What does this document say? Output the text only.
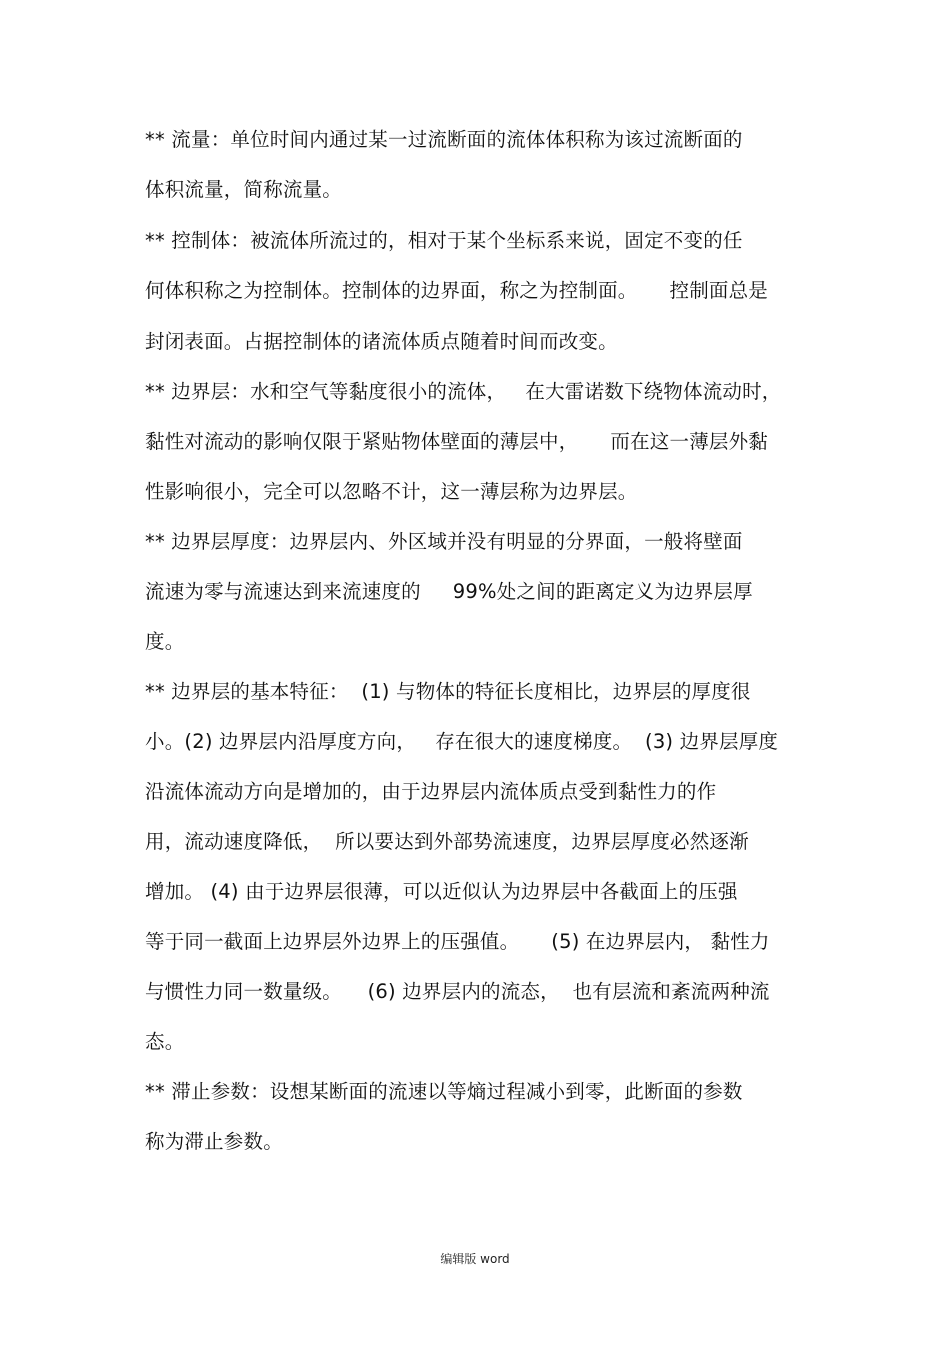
** 流量：单位时间内通过某一过流断面的流体体积称为该过流断面的
体积流量，简称流量。
** 控制体：被流体所流过的，相对于某个坐标系来说，固定不变的任
何体积称之为控制体。控制体的边界面，称之为控制面。     控制面总是
封闭表面。占据控制体的诸流体质点随着时间而改变。
** 边界层：水和空气等黏度很小的流体，   在大雷诺数下绕物体流动时，
黏性对流动的影响仅限于紧贴物体壁面的薄层中，     而在这一薄层外黏
性影响很小，完全可以忽略不计，这一薄层称为边界层。
** 边界层厚度：边界层内、外区域并没有明显的分界面，一般将壁面
流速为零与流速达到来流速度的     99%处之间的距离定义为边界层厚
度。
** 边界层的基本特征：  (1) 与物体的特征长度相比，边界层的厚度很
小。(2) 边界层内沿厚度方向，   存在很大的速度梯度。  (3) 边界层厚度
沿流体流动方向是增加的，由于边界层内流体质点受到黏性力的作
用，流动速度降低，  所以要达到外部势流速度，边界层厚度必然逐渐
增加。 (4) 由于边界层很薄，可以近似认为边界层中各截面上的压强
等于同一截面上边界层外边界上的压强值。     (5) 在边界层内， 黏性力
与惯性力同一数量级。    (6) 边界层内的流态，  也有层流和紊流两种流
态。
** 滞止参数：设想某断面的流速以等熵过程减小到零，此断面的参数
称为滞止参数。
编辑版 word
